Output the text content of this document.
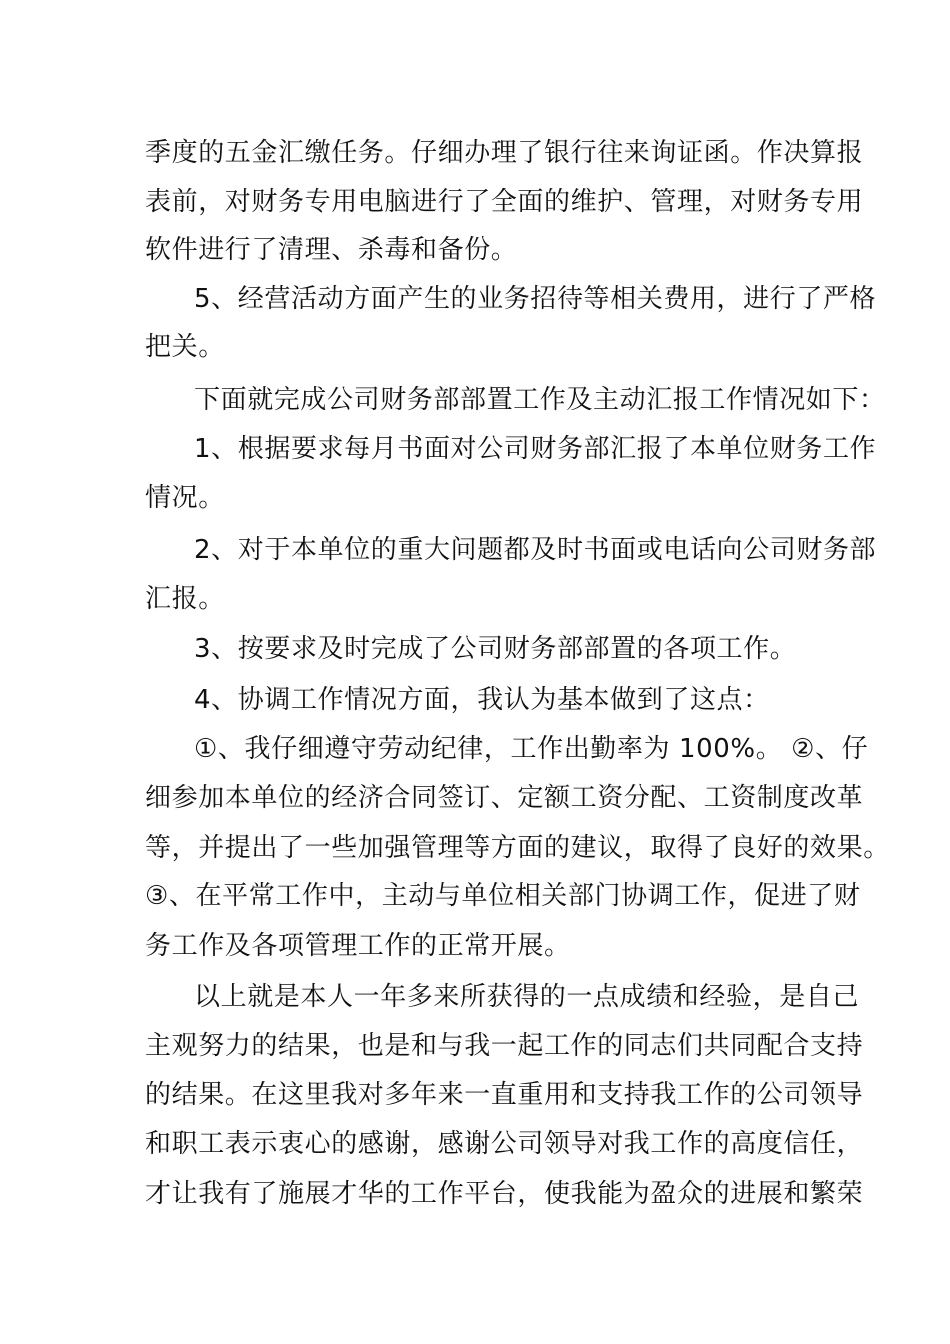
季度的五金汇缴任务。仔细办理了银行往来询证函。作决算报
表前，对财务专用电脑进行了全面的维护、管理，对财务专用
软件进行了清理、杀毒和备份。
5、经营活动方面产生的业务招待等相关费用，进行了严格
把关。
下面就完成公司财务部部置工作及主动汇报工作情况如下：
1、根据要求每月书面对公司财务部汇报了本单位财务工作
情况。
2、对于本单位的重大问题都及时书面或电话向公司财务部
汇报。
3、按要求及时完成了公司财务部部置的各项工作。
4、协调工作情况方面，我认为基本做到了这点：
①、我仔细遵守劳动纪律，工作出勤率为 100%。 ②、仔
细参加本单位的经济合同签订、定额工资分配、工资制度改革
等，并提出了一些加强管理等方面的建议，取得了良好的效果。
③、在平常工作中，主动与单位相关部门协调工作，促进了财
务工作及各项管理工作的正常开展。
以上就是本人一年多来所获得的一点成绩和经验，是自己
主观努力的结果，也是和与我一起工作的同志们共同配合支持
的结果。在这里我对多年来一直重用和支持我工作的公司领导
和职工表示衷心的感谢，感谢公司领导对我工作的高度信任，
才让我有了施展才华的工作平台，使我能为盈众的进展和繁荣
